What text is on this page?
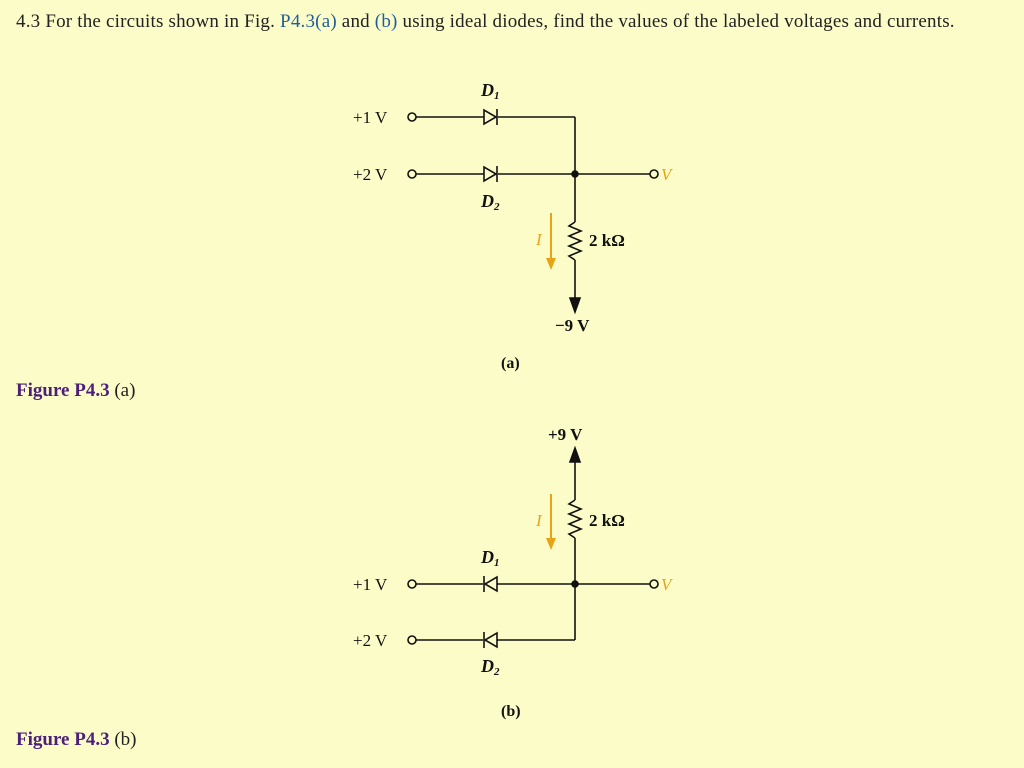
4.3 For the circuits shown in Fig. P4.3(a) and (b) using ideal diodes, find the values of the labeled voltages and currents.
Figure P4.3 (a)
Figure P4.3 (b)
+1 V
+2 V
D1
D2
V
I	2 kΩ
−9 V
(a)
+9 V
I	2 kΩ
D1
+1 V
+2 V
D2
V
(b)
